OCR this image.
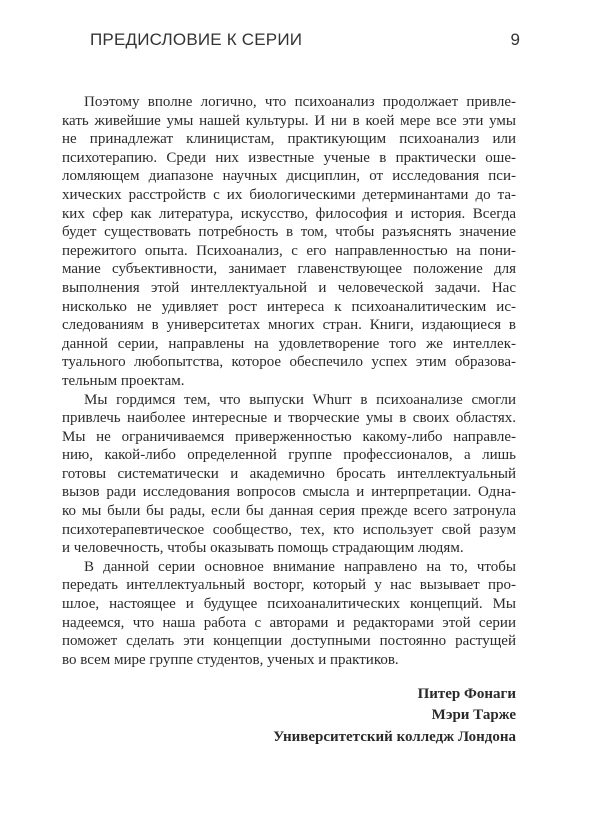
ПРЕДИСЛОВИЕ К СЕРИИ	9
Поэтому вполне логично, что психоанализ продолжает привле-
кать живейшие умы нашей культуры. И ни в коей мере все эти умы
не принадлежат клиницистам, практикующим психоанализ или
психотерапию. Среди них известные ученые в практически оше-
ломляющем диапазоне научных дисциплин, от исследования пси-
хических расстройств с их биологическими детерминантами до та-
ких сфер как литература, искусство, философия и история. Всегда
будет существовать потребность в том, чтобы разъяснять значение
пережитого опыта. Психоанализ, с его направленностью на пони-
мание субъективности, занимает главенствующее положение для
выполнения этой интеллектуальной и человеческой задачи. Нас
нисколько не удивляет рост интереса к психоаналитическим ис-
следованиям в университетах многих стран. Книги, издающиеся в
данной серии, направлены на удовлетворение того же интеллек-
туального любопытства, которое обеспечило успех этим образова-
тельным проектам.
Мы гордимся тем, что выпуски Whurr в психоанализе смогли
привлечь наиболее интересные и творческие умы в своих областях.
Мы не ограничиваемся приверженностью какому-либо направле-
нию, какой-либо определенной группе профессионалов, а лишь
готовы систематически и академично бросать интеллектуальный
вызов ради исследования вопросов смысла и интерпретации. Одна-
ко мы были бы рады, если бы данная серия прежде всего затронула
психотерапевтическое сообщество, тех, кто использует свой разум
и человечность, чтобы оказывать помощь страдающим людям.
В данной серии основное внимание направлено на то, чтобы
передать интеллектуальный восторг, который у нас вызывает про-
шлое, настоящее и будущее психоаналитических концепций. Мы
надеемся, что наша работа с авторами и редакторами этой серии
поможет сделать эти концепции доступными постоянно растущей
во всем мире группе студентов, ученых и практиков.
Питер Фонаги
Мэри Тарже
Университетский колледж Лондона
